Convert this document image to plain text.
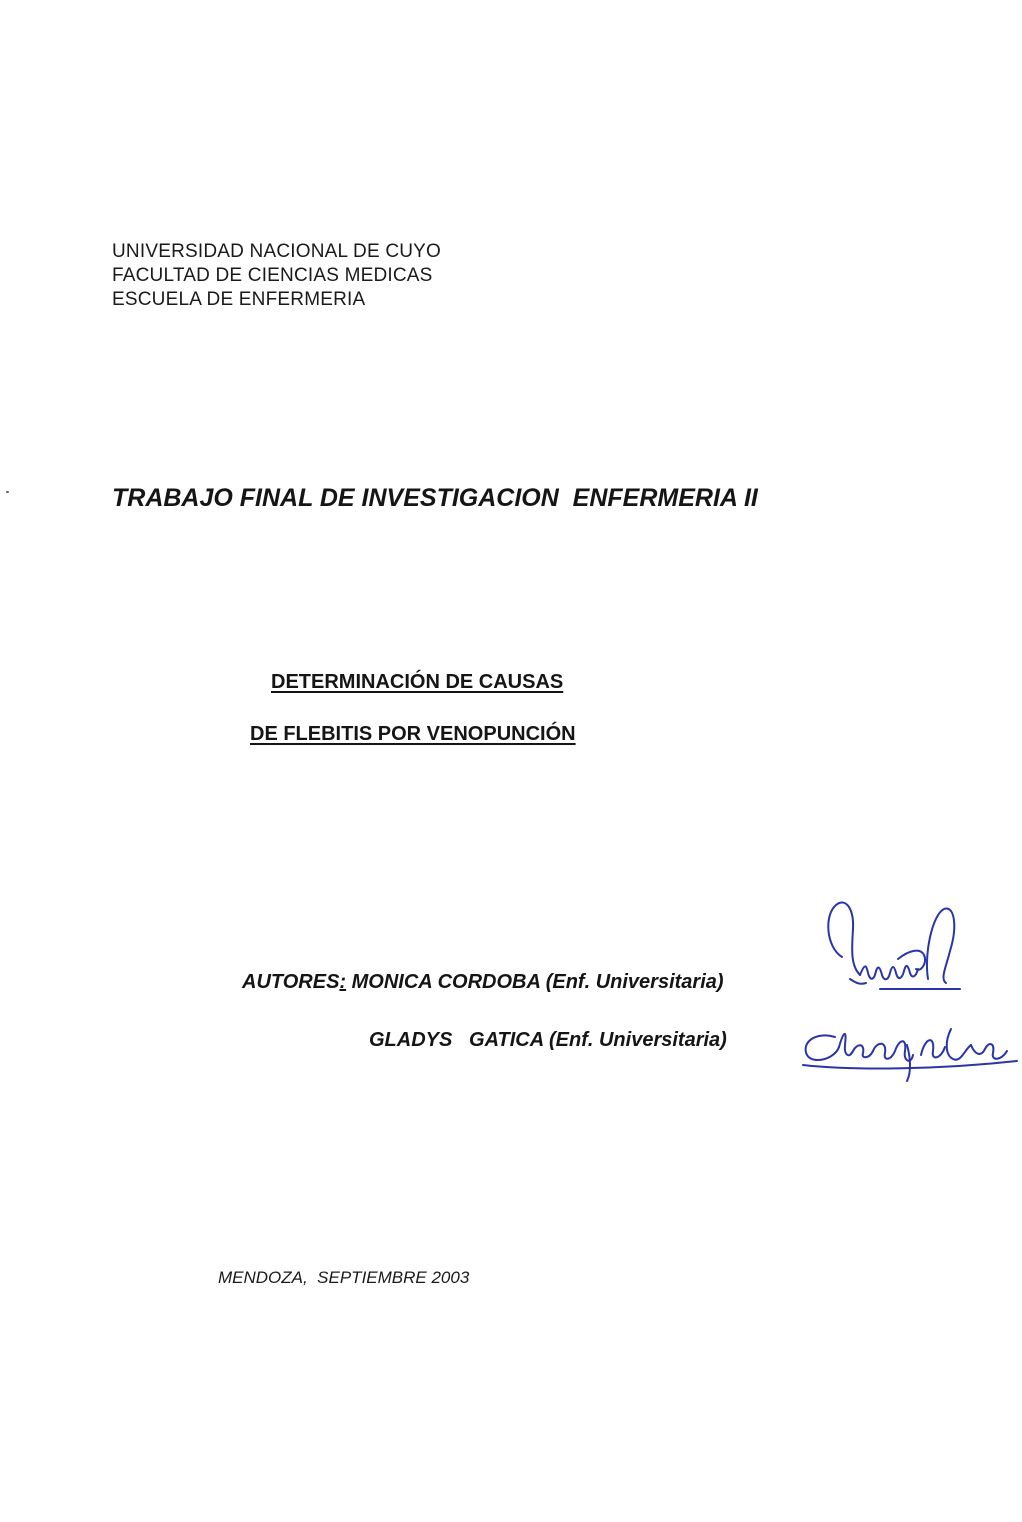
UNIVERSIDAD NACIONAL DE CUYO
FACULTAD DE CIENCIAS MEDICAS
ESCUELA DE ENFERMERIA
TRABAJO FINAL DE INVESTIGACION  ENFERMERIA II
DETERMINACIÓN DE CAUSAS
DE FLEBITIS POR VENOPUNCIÓN
AUTORES: MONICA CORDOBA (Enf. Universitaria)
GLADYS   GATICA (Enf. Universitaria)
MENDOZA,  SEPTIEMBRE 2003
